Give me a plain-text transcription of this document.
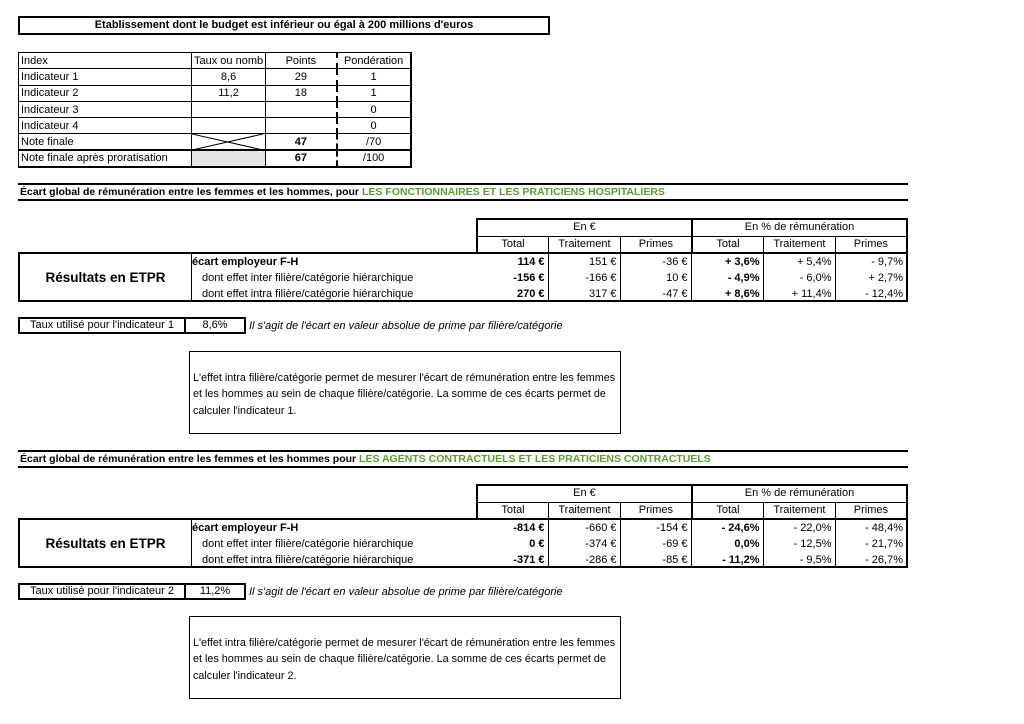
Etablissement dont le budget est inférieur ou égal à 200 millions d'euros
Index	Taux ou nomb	Points	Pondération
Indicateur 1	8,6	29	1
Indicateur 2	11,2	18	1
Indicateur 3			0
Indicateur 4			0
Note finale		47	/70
Note finale après proratisation		67	/100
Écart global de rémunération entre les femmes et les hommes, pour LES FONCTIONNAIRES ET LES PRATICIENS HOSPITALIERS
En €			En % de rémunération		
Total	Traitement	Primes	Total	Traitement	Primes
Résultats en ETPR
écart employeur F-H	114 €	151 €	-36 €	+ 3,6%	+ 5,4%	- 9,7%
dont effet inter filière/catégorie hiérarchique	-156 €	-166 €	10 €	- 4,9%	- 6,0%	+ 2,7%
dont effet intra filière/catégorie hiérarchique	270 €	317 €	-47 €	+ 8,6%	+ 11,4%	- 12,4%
Taux utilisé pour l'indicateur 1	8,6%	Il s'agit de l'écart en valeur absolue de prime par filière/catégorie
L'effet intra filière/catégorie permet de mesurer l'écart de rémunération entre les femmes et les hommes au sein de chaque filière/catégorie. La somme de ces écarts permet de calculer l'indicateur 1.
Écart global de rémunération entre les femmes et les hommes pour LES AGENTS CONTRACTUELS ET LES PRATICIENS CONTRACTUELS
En €			En % de rémunération		
Total	Traitement	Primes	Total	Traitement	Primes
Résultats en ETPR
écart employeur F-H	-814 €	-660 €	-154 €	- 24,6%	- 22,0%	- 48,4%
dont effet inter filière/catégorie hiérarchique	0 €	-374 €	-69 €	0,0%	- 12,5%	- 21,7%
dont effet intra filière/catégorie hiérarchique	-371 €	-286 €	-85 €	- 11,2%	- 9,5%	- 26,7%
Taux utilisé pour l'indicateur 2	11,2%	Il s'agit de l'écart en valeur absolue de prime par filière/catégorie
L'effet intra filière/catégorie permet de mesurer l'écart de rémunération entre les femmes et les hommes au sein de chaque filière/catégorie. La somme de ces écarts permet de calculer l'indicateur 2.
